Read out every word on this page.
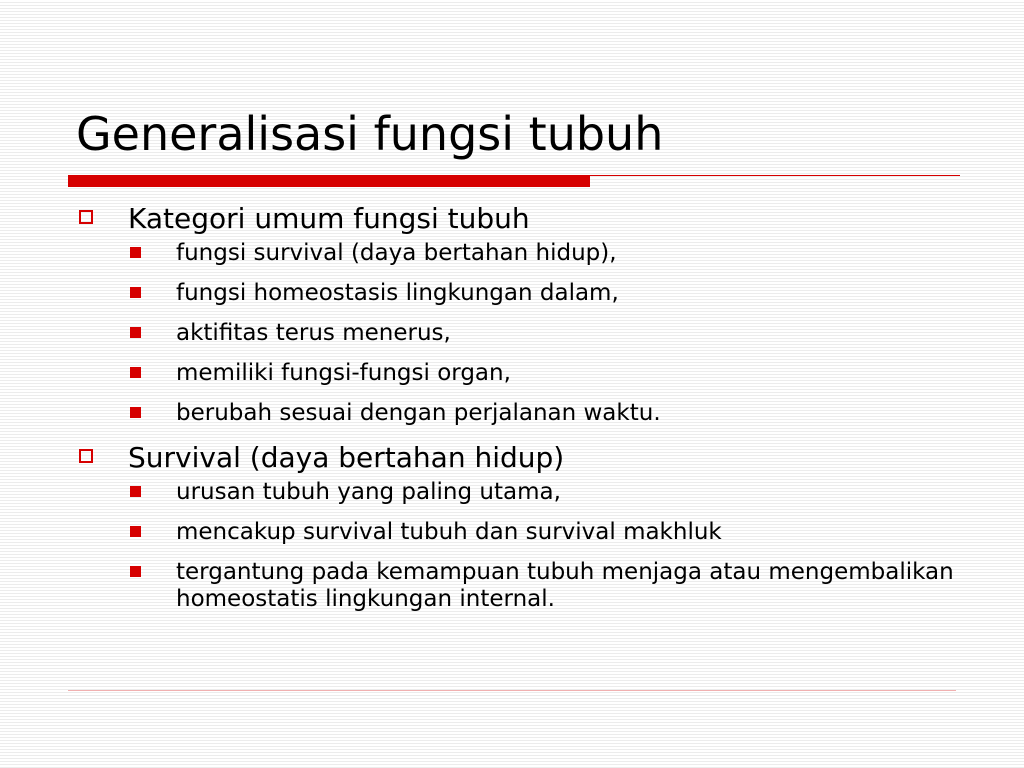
Generalisasi fungsi tubuh
Kategori umum fungsi tubuh
fungsi survival (daya bertahan hidup),
fungsi homeostasis lingkungan dalam,
aktifitas terus menerus,
memiliki fungsi-fungsi organ,
berubah sesuai dengan perjalanan waktu.
Survival (daya bertahan hidup)
urusan tubuh yang paling utama,
mencakup survival tubuh dan survival makhluk
tergantung pada kemampuan tubuh menjaga atau mengembalikan homeostatis lingkungan internal.
